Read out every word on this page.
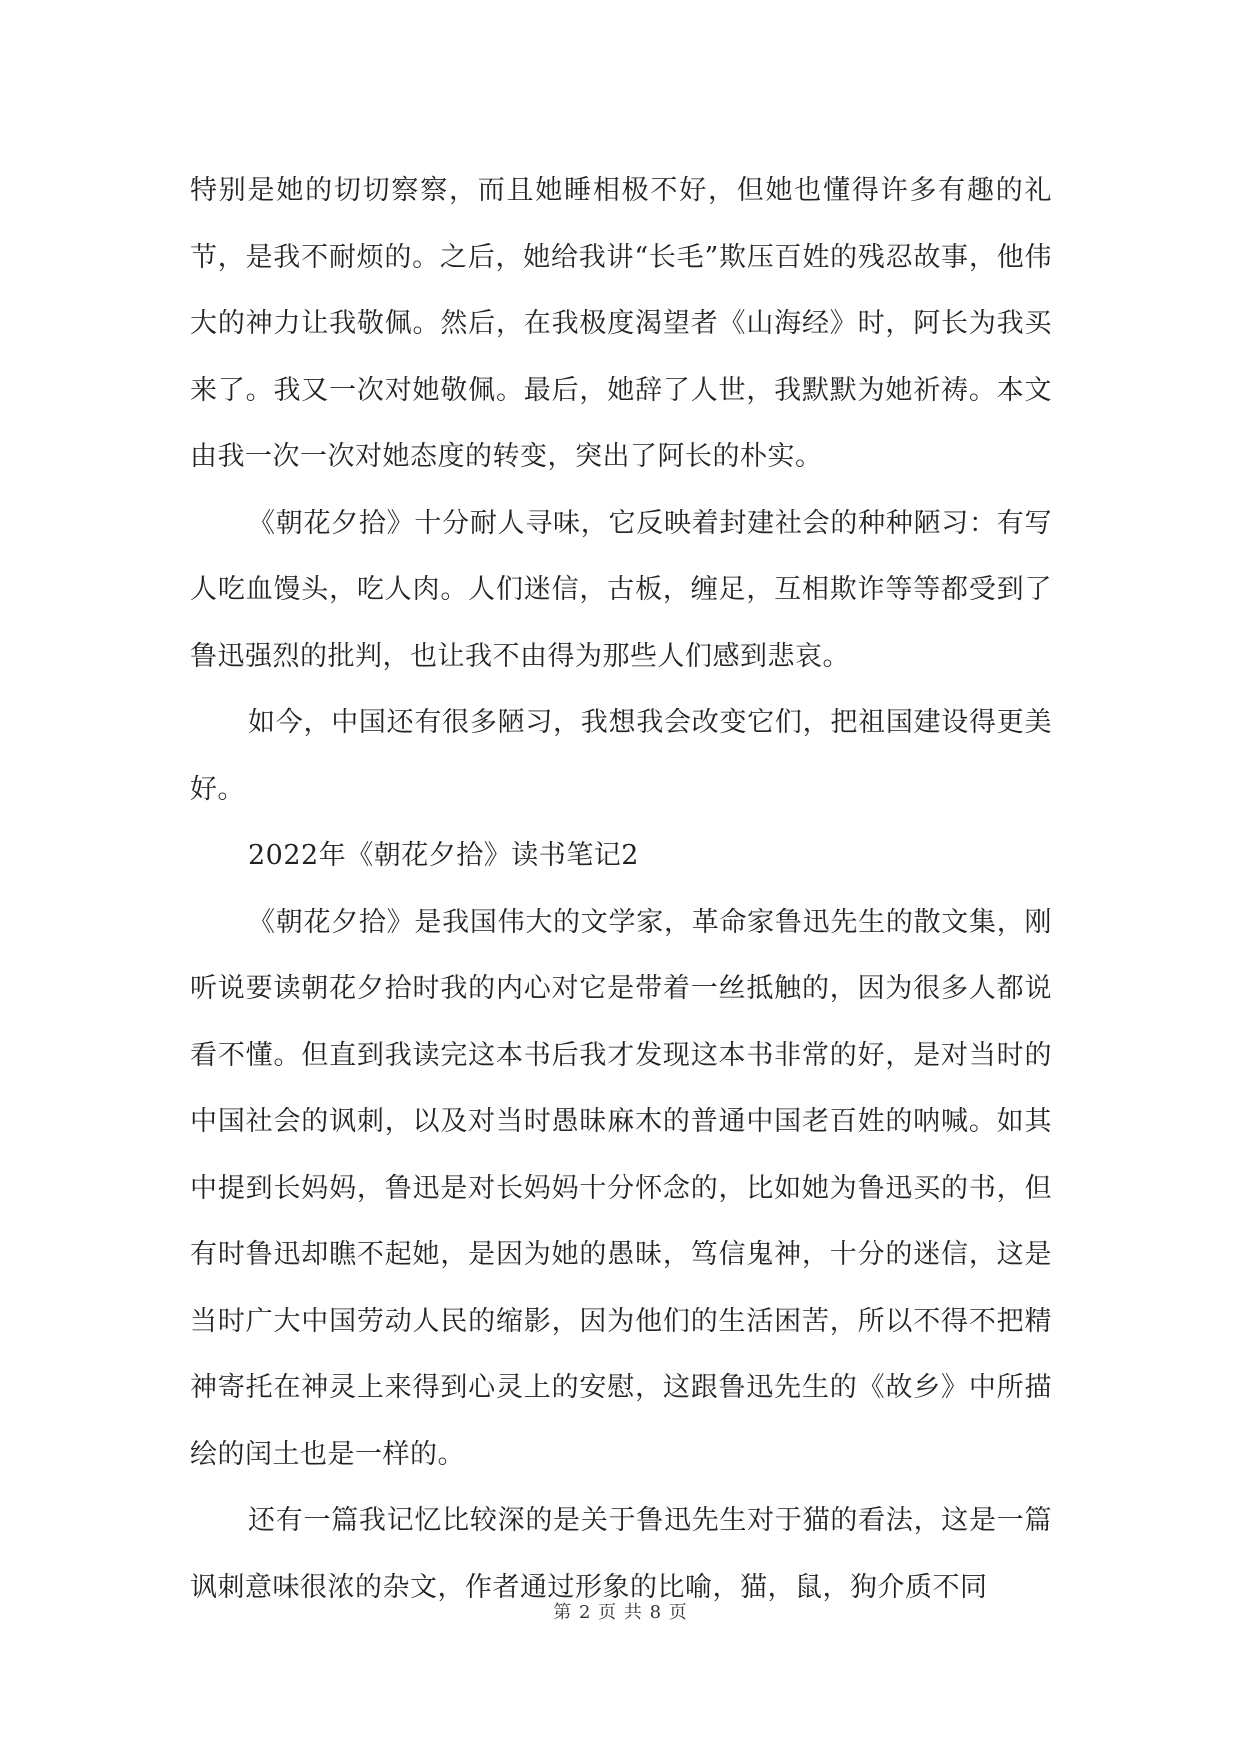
特别是她的切切察察，而且她睡相极不好，但她也懂得许多有趣的礼节，是我不耐烦的。之后，她给我讲“长毛”欺压百姓的残忍故事，他伟大的神力让我敬佩。然后，在我极度渴望者《山海经》时，阿长为我买来了。我又一次对她敬佩。最后，她辞了人世，我默默为她祈祷。本文由我一次一次对她态度的转变，突出了阿长的朴实。

《朝花夕拾》十分耐人寻味，它反映着封建社会的种种陋习：有写人吃血馒头，吃人肉。人们迷信，古板，缠足，互相欺诈等等都受到了鲁迅强烈的批判，也让我不由得为那些人们感到悲哀。

如今，中国还有很多陋习，我想我会改变它们，把祖国建设得更美好。

2022年《朝花夕拾》读书笔记2

《朝花夕拾》是我国伟大的文学家，革命家鲁迅先生的散文集，刚听说要读朝花夕拾时我的内心对它是带着一丝抵触的，因为很多人都说看不懂。但直到我读完这本书后我才发现这本书非常的好，是对当时的中国社会的讽刺，以及对当时愚昧麻木的普通中国老百姓的呐喊。如其中提到长妈妈，鲁迅是对长妈妈十分怀念的，比如她为鲁迅买的书，但有时鲁迅却瞧不起她，是因为她的愚昧，笃信鬼神，十分的迷信，这是当时广大中国劳动人民的缩影，因为他们的生活困苦，所以不得不把精神寄托在神灵上来得到心灵上的安慰，这跟鲁迅先生的《故乡》中所描绘的闰土也是一样的。

还有一篇我记忆比较深的是关于鲁迅先生对于猫的看法，这是一篇讽刺意味很浓的杂文，作者通过形象的比喻，猫，鼠，狗介质不同

第 2 页 共 8 页
